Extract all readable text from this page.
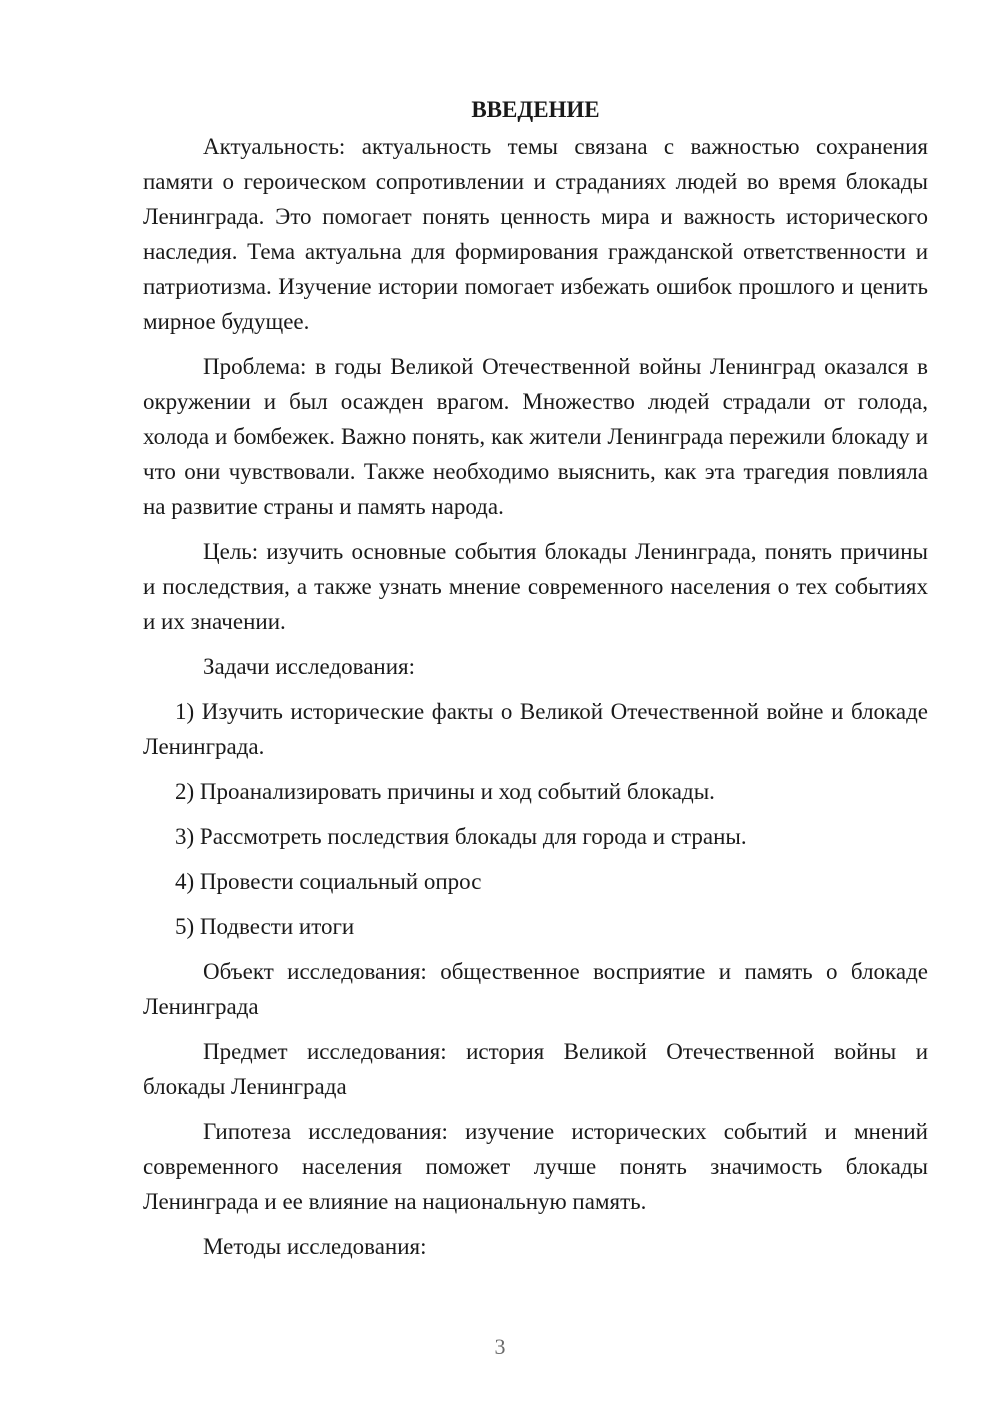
ВВЕДЕНИЕ

Актуальность: актуальность темы связана с важностью сохранения памяти о героическом сопротивлении и страданиях людей во время блокады Ленинграда. Это помогает понять ценность мира и важность исторического наследия. Тема актуальна для формирования гражданской ответственности и патриотизма. Изучение истории помогает избежать ошибок прошлого и ценить мирное будущее.

Проблема: в годы Великой Отечественной войны Ленинград оказался в окружении и был осажден врагом. Множество людей страдали от голода, холода и бомбежек. Важно понять, как жители Ленинграда пережили блокаду и что они чувствовали. Также необходимо выяснить, как эта трагедия повлияла на развитие страны и память народа.

Цель: изучить основные события блокады Ленинграда, понять причины и последствия, а также узнать мнение современного населения о тех событиях и их значении.

Задачи исследования:

1) Изучить исторические факты о Великой Отечественной войне и блокаде Ленинграда.

2) Проанализировать причины и ход событий блокады.

3) Рассмотреть последствия блокады для города и страны.

4) Провести социальный опрос

5) Подвести итоги

Объект исследования: общественное восприятие и память о блокаде Ленинграда

Предмет исследования: история Великой Отечественной войны и блокады Ленинграда

Гипотеза исследования: изучение исторических событий и мнений современного населения поможет лучше понять значимость блокады Ленинграда и ее влияние на национальную память.

Методы исследования:

3
